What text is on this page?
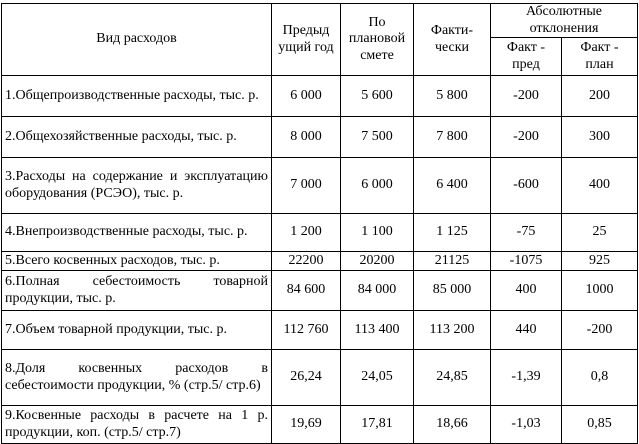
Вид расходов	Предыд ущий год	По плановой смете	Факти- чески	Абсолютные отклонения	
				Факт - пред	Факт - план
1.Общепроизводственные расходы, тыс. р.	6 000	5 600	5 800	-200	200
2.Общехозяйственные расходы, тыс. р.	8 000	7 500	7 800	-200	300
3.Расходы на содержание и эксплуатацию оборудования (РСЭО), тыс. р.	7 000	6 000	6 400	-600	400
4.Внепроизводственные расходы, тыс. р.	1 200	1 100	1 125	-75	25
5.Всего косвенных расходов, тыс. р.	22200	20200	21125	-1075	925
6.Полная себестоимость товарной продукции, тыс. р.	84 600	84 000	85 000	400	1000
7.Объем товарной продукции, тыс. р.	112 760	113 400	113 200	440	-200
8.Доля косвенных расходов в себестоимости продукции, % (стр.5/ стр.6)	26,24	24,05	24,85	-1,39	0,8
9.Косвенные расходы в расчете на 1 р. продукции, коп. (стр.5/ стр.7)	19,69	17,81	18,66	-1,03	0,85
